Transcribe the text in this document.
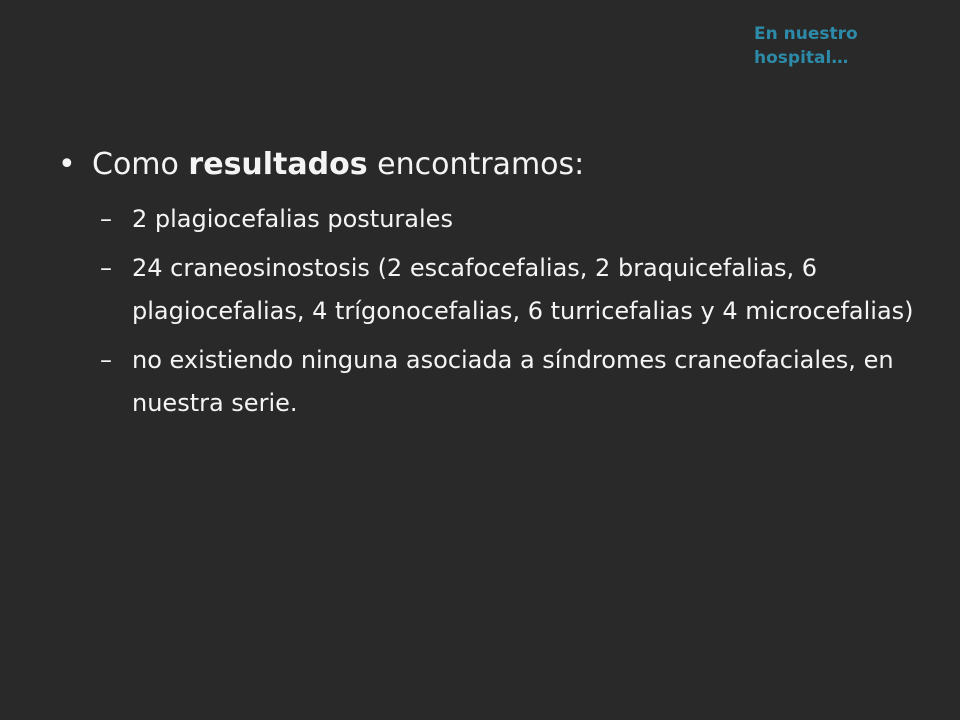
En nuestro
hospital…
• Como resultados encontramos:
– 2 plagiocefalias posturales
– 24 craneosinostosis (2 escafocefalias, 2 braquicefalias, 6 plagiocefalias, 4 trígonocefalias, 6 turricefalias y 4 microcefalias)
– no existiendo ninguna asociada a síndromes craneofaciales, en nuestra serie.
